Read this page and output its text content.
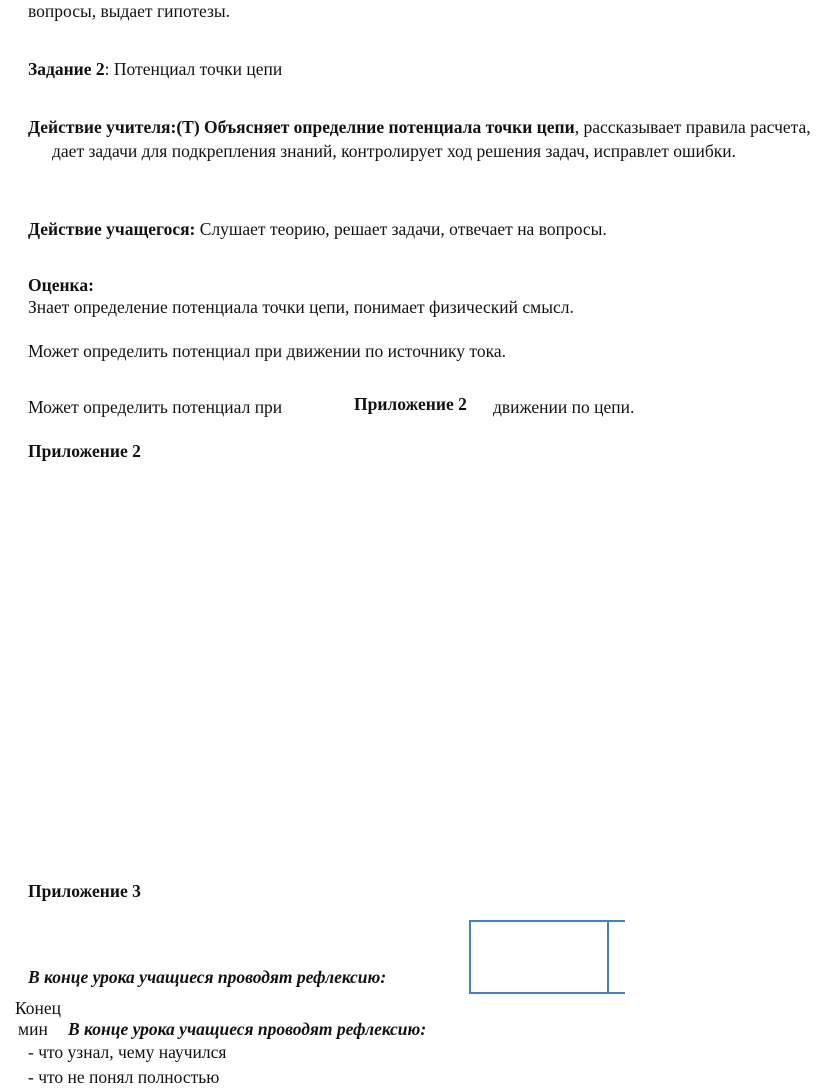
вопросы, выдает гипотезы.
Задание 2: Потенциал точки цепи
Действие учителя:(Т) Объясняет определние потенциала точки цепи, рассказывает правила расчета, дает задачи для подкрепления знаний, контролирует ход решения задач, исправлет ошибки.
Действие учащегося: Слушает теорию, решает задачи, отвечает на вопросы.
Оценка:
Знает определение потенциала точки цепи, понимает физический смысл.
Может определить потенциал при движении по источнику тока.
Может определить потенциал при	Приложение 2 движении по цепи.
Приложение 2
Приложение 3
В конце урока учащиеся проводят рефлексию:
Конец
мин В конце урока учащиеся проводят рефлексию:
- что узнал, чему научился
- что не понял полностью
